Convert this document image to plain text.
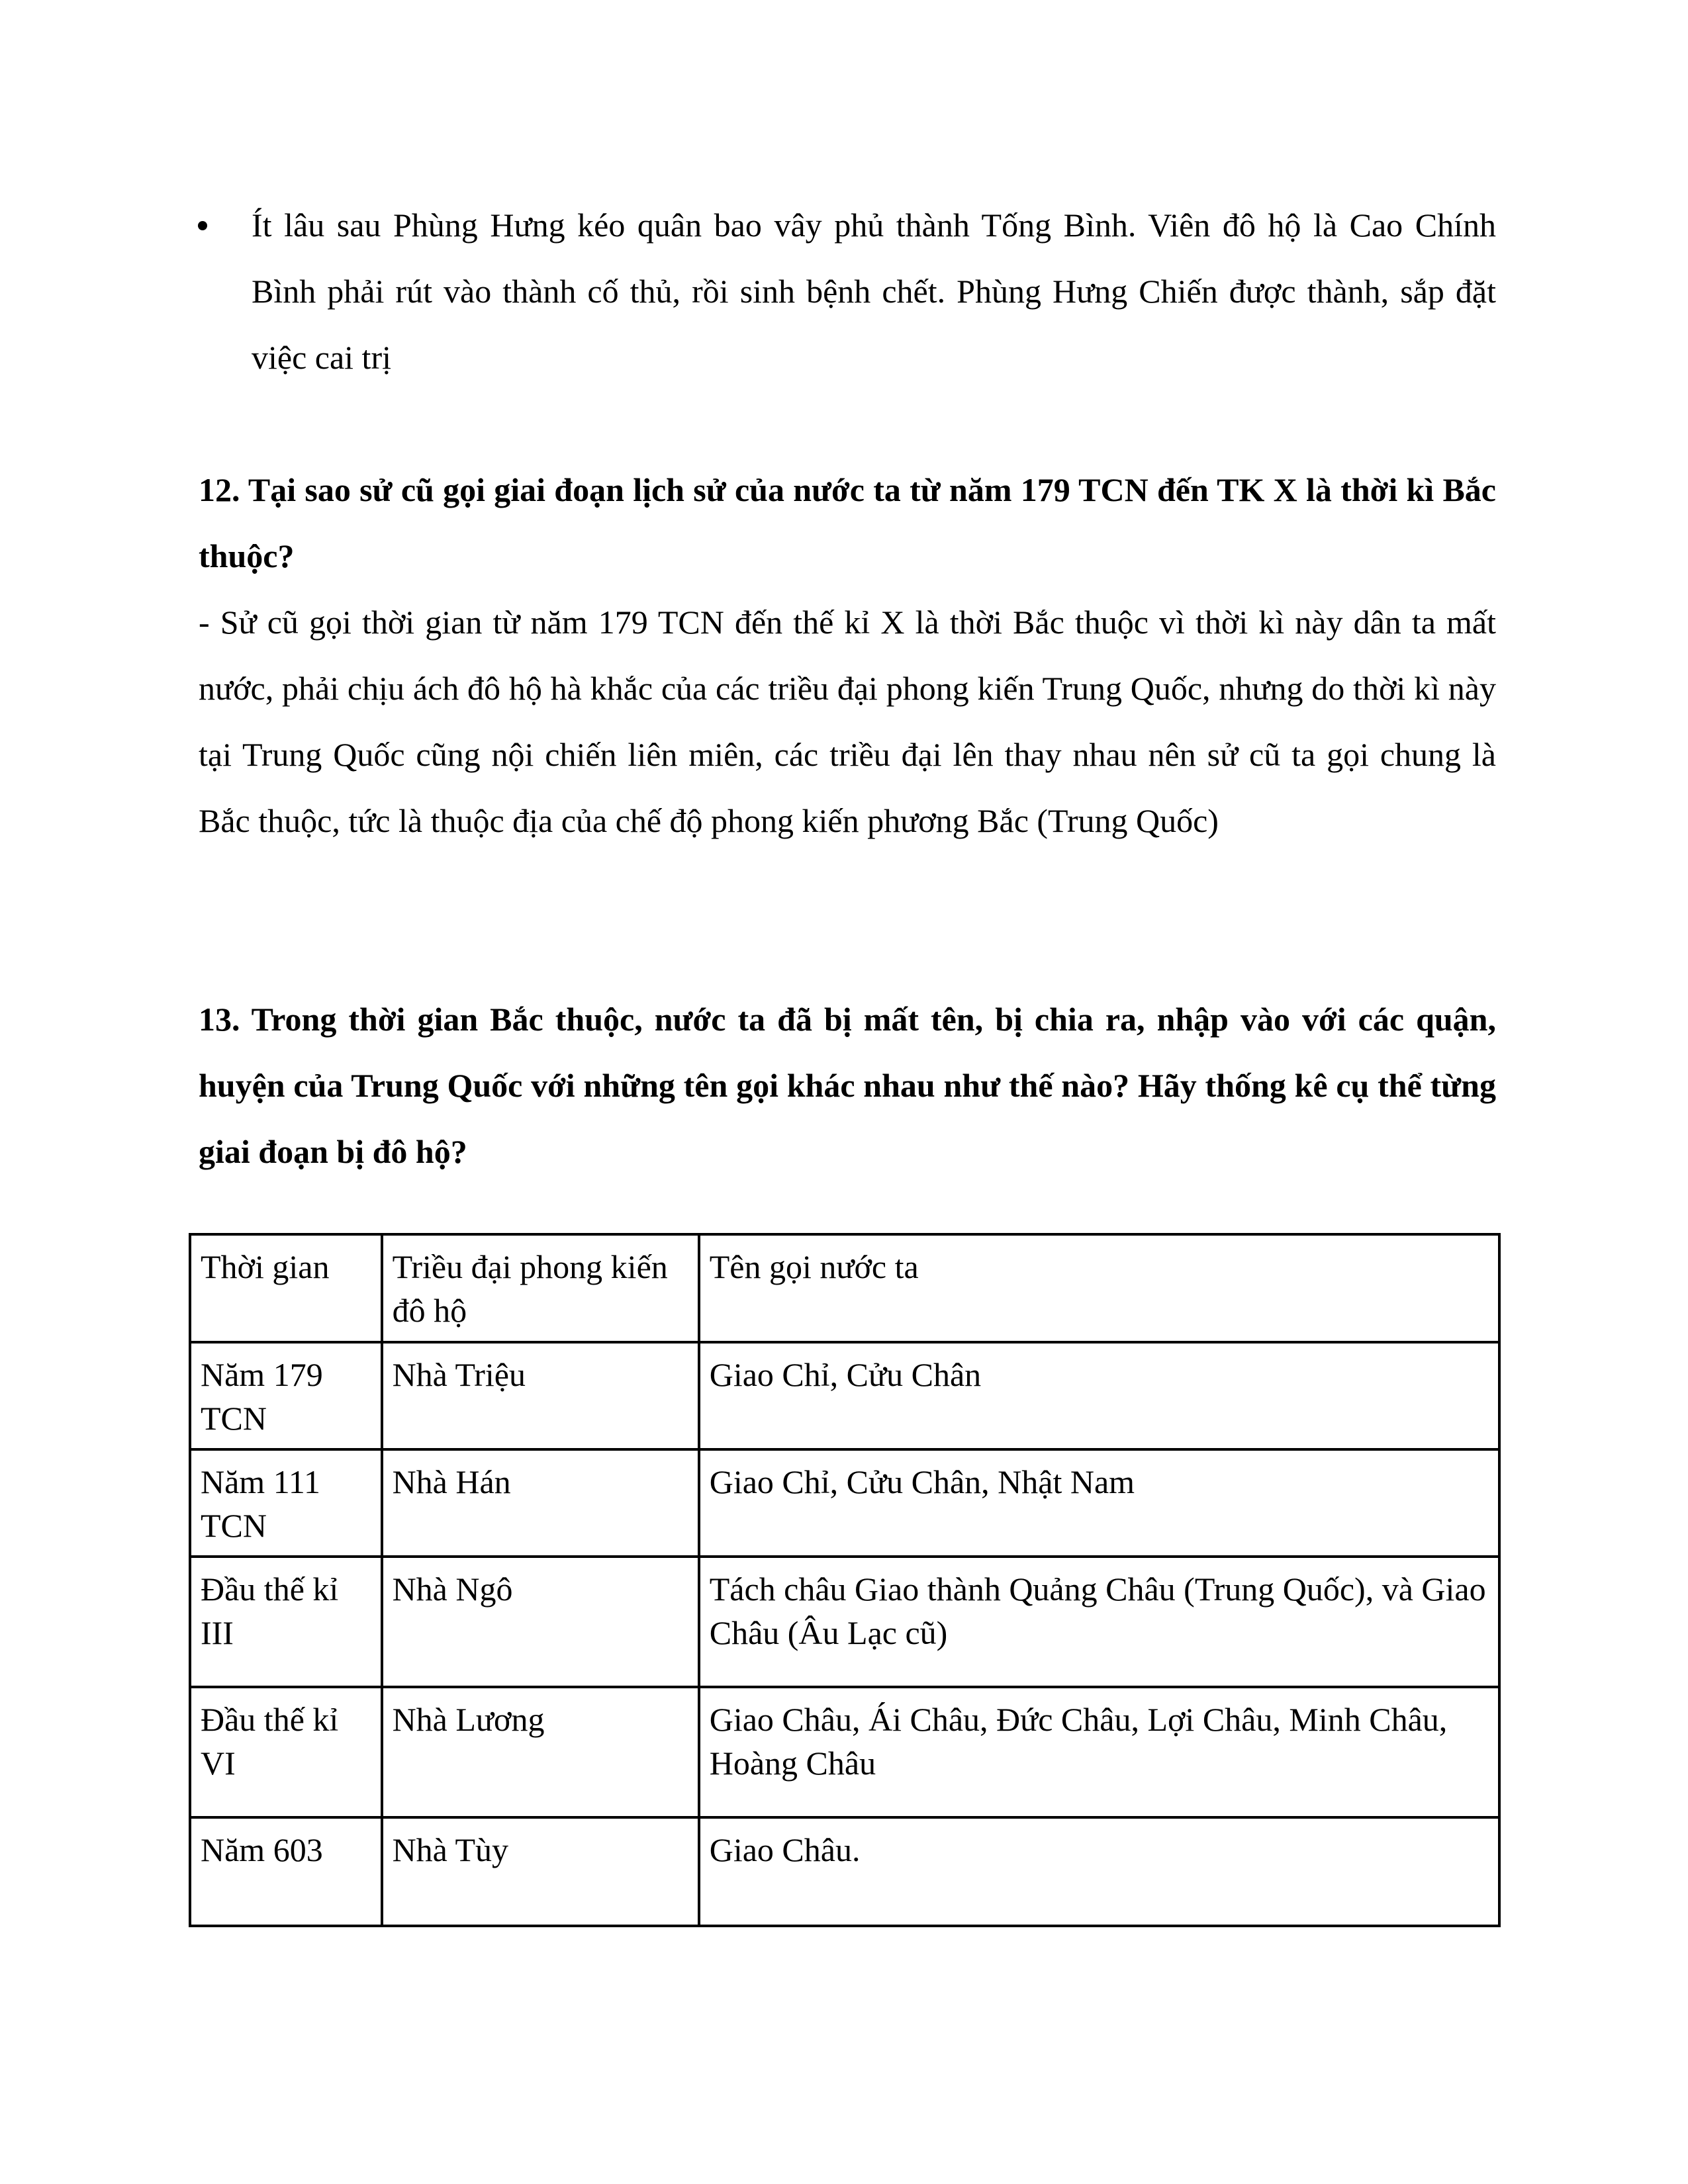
Ít lâu sau Phùng Hưng kéo quân bao vây phủ thành Tống Bình. Viên đô hộ là Cao Chính Bình phải rút vào thành cố thủ, rồi sinh bệnh chết. Phùng Hưng Chiến được thành, sắp đặt việc cai trị
12. Tại sao sử cũ gọi giai đoạn lịch sử của nước ta từ năm 179 TCN đến TK X là thời kì Bắc thuộc?
- Sử cũ gọi thời gian từ năm 179 TCN đến thế kỉ X là thời Bắc thuộc vì thời kì này dân ta mất nước, phải chịu ách đô hộ hà khắc của các triều đại phong kiến Trung Quốc, nhưng do thời kì này tại Trung Quốc cũng nội chiến liên miên, các triều đại lên thay nhau nên sử cũ ta gọi chung là Bắc thuộc, tức là thuộc địa của chế độ phong kiến phương Bắc (Trung Quốc)
13. Trong thời gian Bắc thuộc, nước ta đã bị mất tên, bị chia ra, nhập vào với các quận, huyện của Trung Quốc với những tên gọi khác nhau như thế nào? Hãy thống kê cụ thể từng giai đoạn bị đô hộ?
Thời gian	Triều đại phong kiến đô hộ	Tên gọi nước ta
Năm 179 TCN	Nhà Triệu	Giao Chỉ, Cửu Chân
Năm 111 TCN	Nhà Hán	Giao Chỉ, Cửu Chân, Nhật Nam
Đầu thế kỉ III	Nhà Ngô	Tách châu Giao thành Quảng Châu (Trung Quốc), và Giao Châu (Âu Lạc cũ)
Đầu thế kỉ VI	Nhà Lương	Giao Châu, Ái Châu, Đức Châu, Lợi Châu, Minh Châu, Hoàng Châu
Năm 603	Nhà Tùy	Giao Châu.
